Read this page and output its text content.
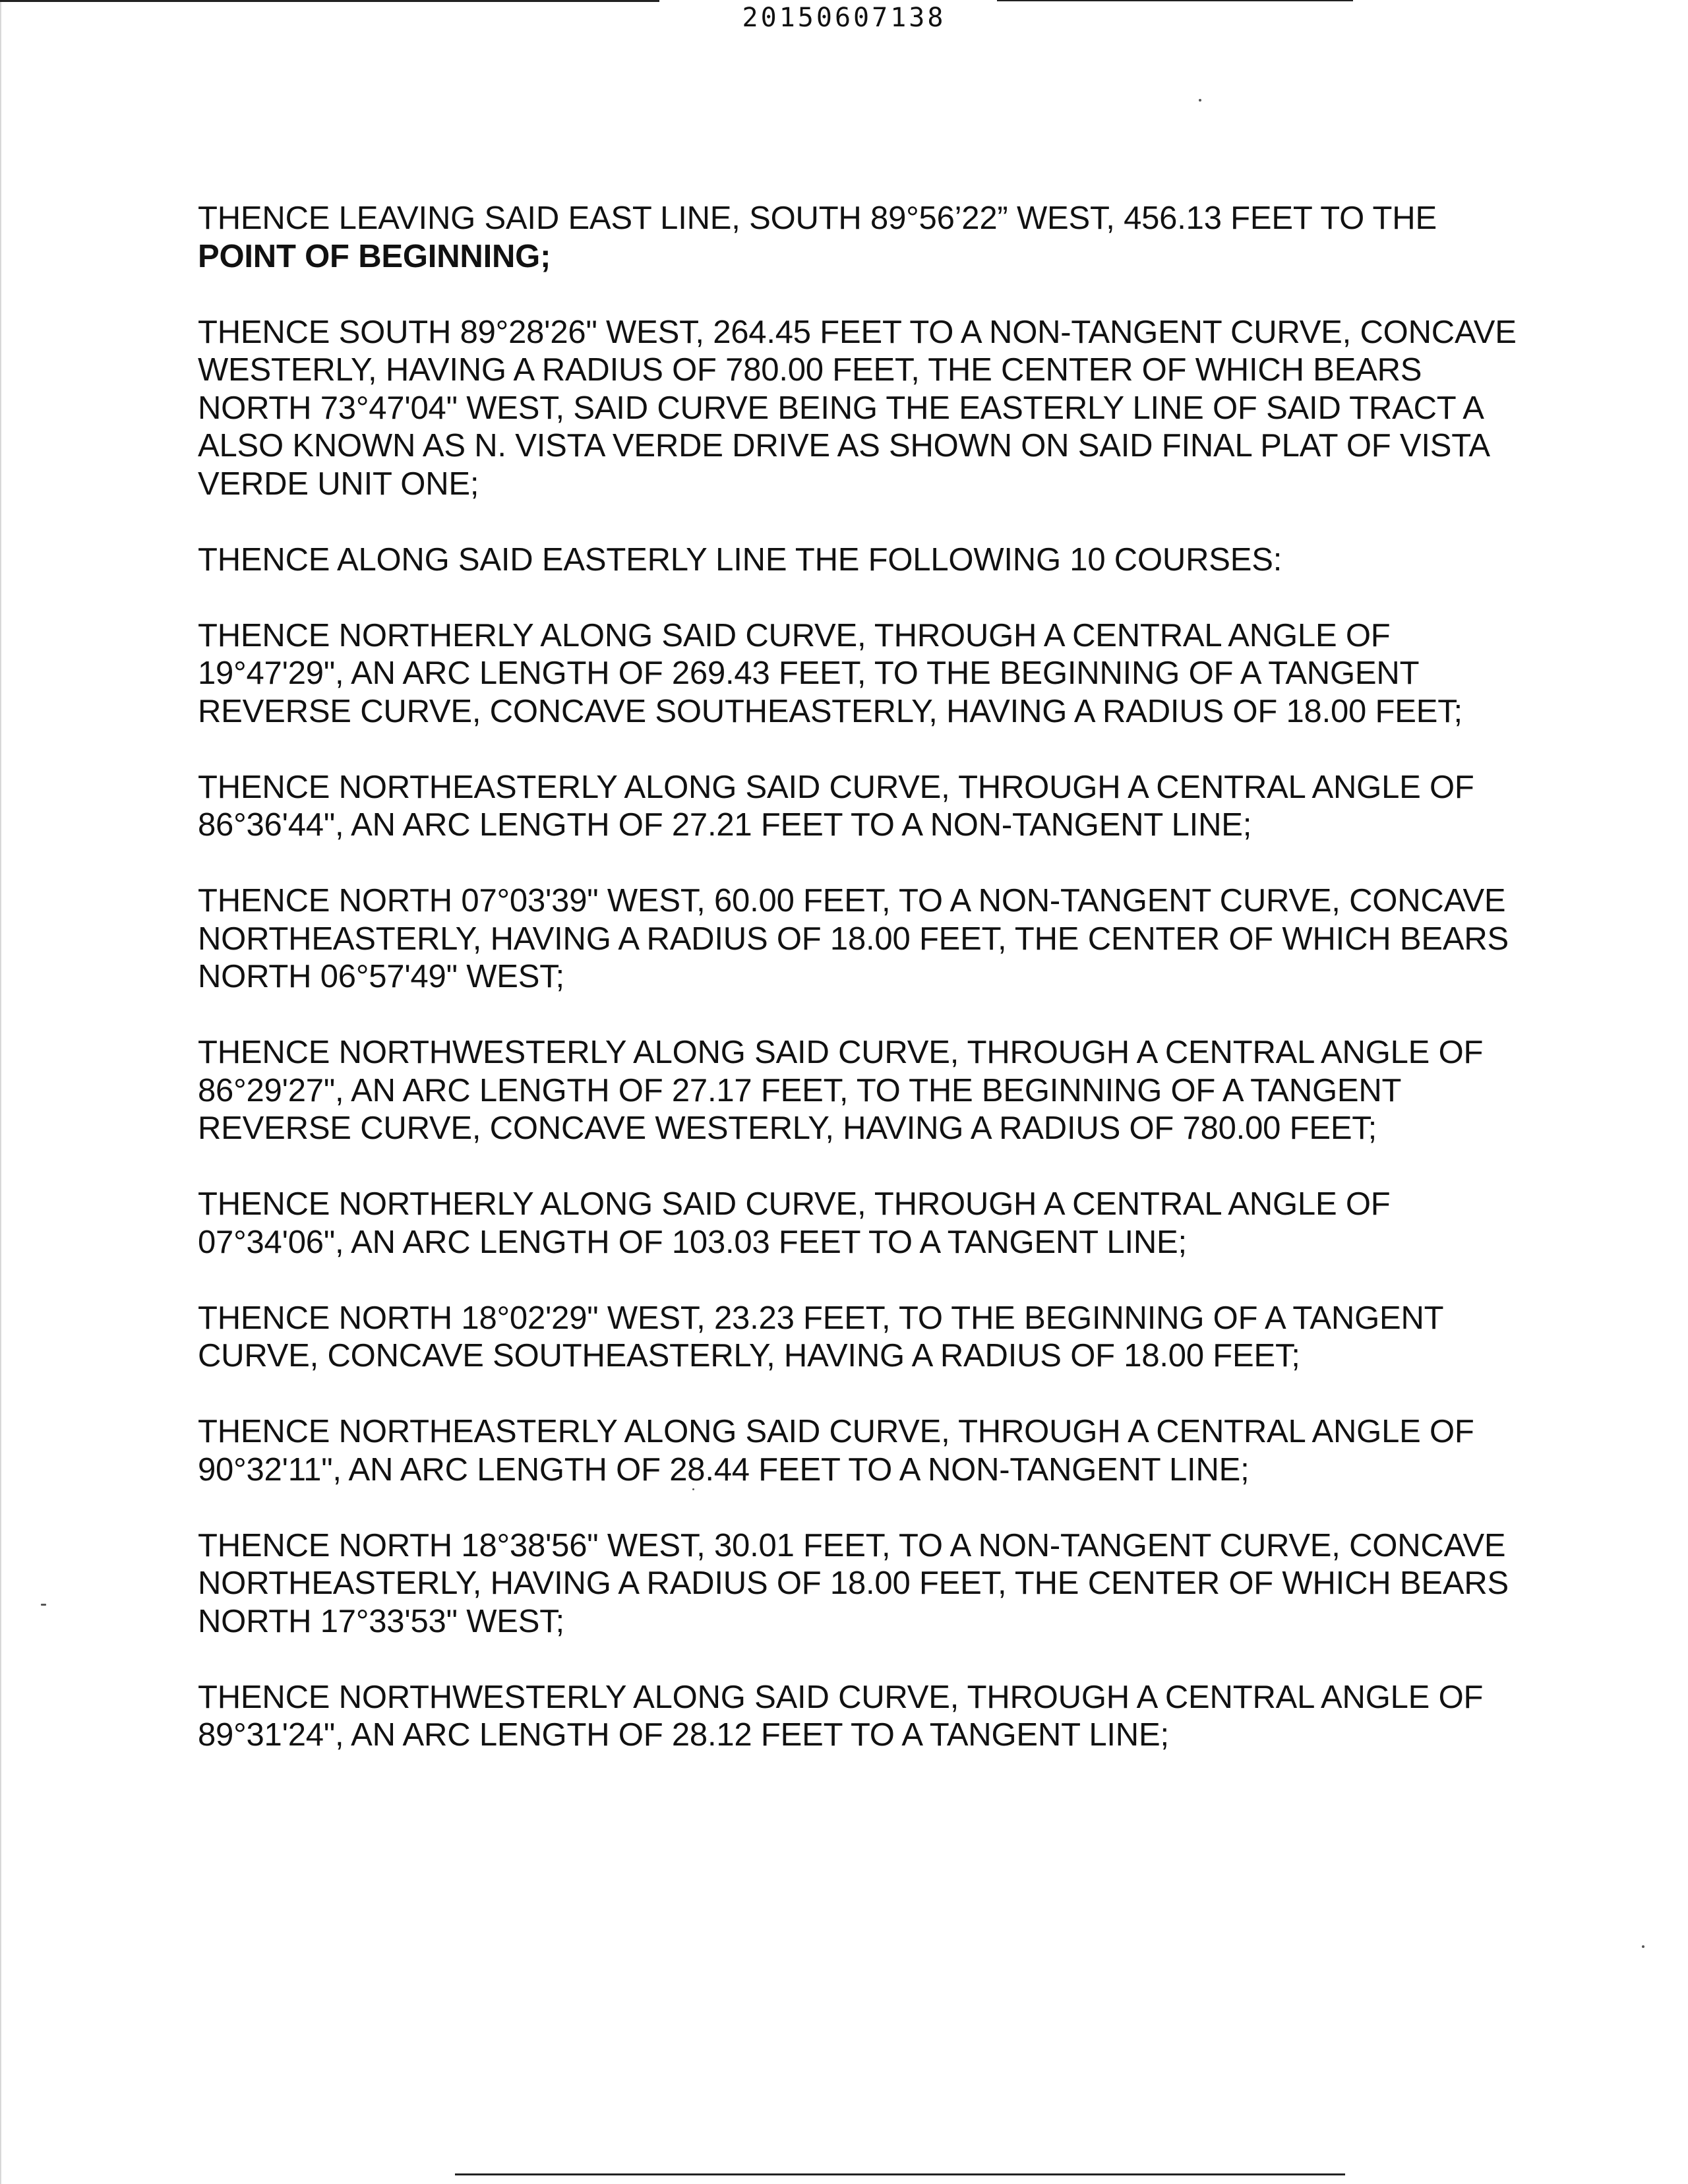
20150607138

THENCE LEAVING SAID EAST LINE, SOUTH 89°56’22” WEST, 456.13 FEET TO THE
POINT OF BEGINNING;

THENCE SOUTH 89°28'26" WEST, 264.45 FEET TO A NON-TANGENT CURVE, CONCAVE WESTERLY, HAVING A RADIUS OF 780.00 FEET, THE CENTER OF WHICH BEARS NORTH 73°47'04" WEST, SAID CURVE BEING THE EASTERLY LINE OF SAID TRACT A ALSO KNOWN AS N. VISTA VERDE DRIVE AS SHOWN ON SAID FINAL PLAT OF VISTA VERDE UNIT ONE;

THENCE ALONG SAID EASTERLY LINE THE FOLLOWING 10 COURSES:

THENCE NORTHERLY ALONG SAID CURVE, THROUGH A CENTRAL ANGLE OF 19°47'29", AN ARC LENGTH OF 269.43 FEET, TO THE BEGINNING OF A TANGENT REVERSE CURVE, CONCAVE SOUTHEASTERLY, HAVING A RADIUS OF 18.00 FEET;

THENCE NORTHEASTERLY ALONG SAID CURVE, THROUGH A CENTRAL ANGLE OF 86°36'44", AN ARC LENGTH OF 27.21 FEET TO A NON-TANGENT LINE;

THENCE NORTH 07°03'39" WEST, 60.00 FEET, TO A NON-TANGENT CURVE, CONCAVE NORTHEASTERLY, HAVING A RADIUS OF 18.00 FEET, THE CENTER OF WHICH BEARS NORTH 06°57'49" WEST;

THENCE NORTHWESTERLY ALONG SAID CURVE, THROUGH A CENTRAL ANGLE OF 86°29'27", AN ARC LENGTH OF 27.17 FEET, TO THE BEGINNING OF A TANGENT REVERSE CURVE, CONCAVE WESTERLY, HAVING A RADIUS OF 780.00 FEET;

THENCE NORTHERLY ALONG SAID CURVE, THROUGH A CENTRAL ANGLE OF 07°34'06", AN ARC LENGTH OF 103.03 FEET TO A TANGENT LINE;

THENCE NORTH 18°02'29" WEST, 23.23 FEET, TO THE BEGINNING OF A TANGENT CURVE, CONCAVE SOUTHEASTERLY, HAVING A RADIUS OF 18.00 FEET;

THENCE NORTHEASTERLY ALONG SAID CURVE, THROUGH A CENTRAL ANGLE OF 90°32'11", AN ARC LENGTH OF 28.44 FEET TO A NON-TANGENT LINE;

THENCE NORTH 18°38'56" WEST, 30.01 FEET, TO A NON-TANGENT CURVE, CONCAVE NORTHEASTERLY, HAVING A RADIUS OF 18.00 FEET, THE CENTER OF WHICH BEARS NORTH 17°33'53" WEST;

THENCE NORTHWESTERLY ALONG SAID CURVE, THROUGH A CENTRAL ANGLE OF 89°31'24", AN ARC LENGTH OF 28.12 FEET TO A TANGENT LINE;
